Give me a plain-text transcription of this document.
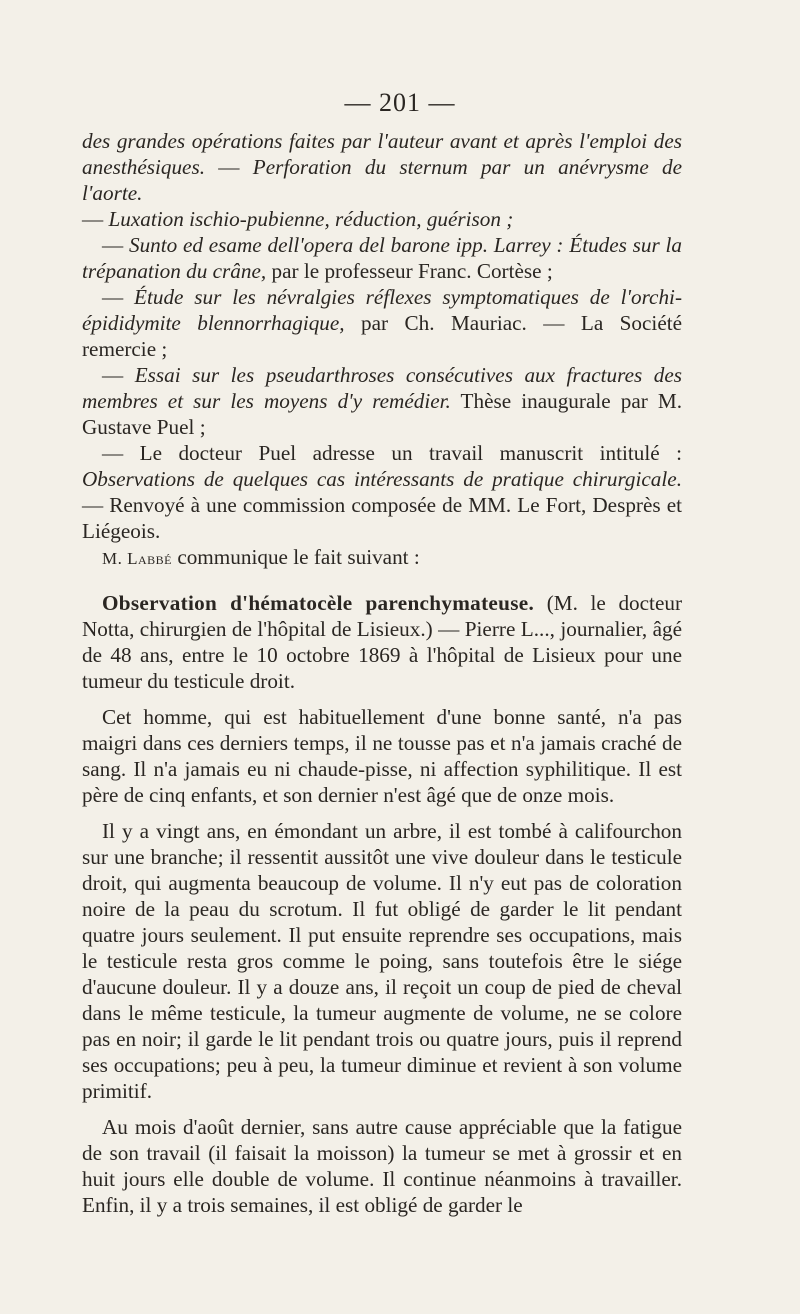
— 201 —

des grandes opérations faites par l'auteur avant et après l'emploi des anesthésiques. — Perforation du sternum par un anévrysme de l'aorte.

— Luxation ischio-pubienne, réduction, guérison ;

— Sunto ed esame dell'opera del barone ipp. Larrey : Études sur la trépanation du crâne, par le professeur Franc. Cortèse ;

— Étude sur les névralgies réflexes symptomatiques de l'orchi-épididymite blennorrhagique, par Ch. Mauriac. — La Société remercie ;

— Essai sur les pseudarthroses consécutives aux fractures des membres et sur les moyens d'y remédier. Thèse inaugurale par M. Gustave Puel ;

— Le docteur Puel adresse un travail manuscrit intitulé : Observations de quelques cas intéressants de pratique chirurgicale. — Renvoyé à une commission composée de MM. Le Fort, Desprès et Liégeois.

M. Labbé communique le fait suivant :

Observation d'hématocèle parenchymateuse. (M. le docteur Notta, chirurgien de l'hôpital de Lisieux.) — Pierre L..., journalier, âgé de 48 ans, entre le 10 octobre 1869 à l'hôpital de Lisieux pour une tumeur du testicule droit.

Cet homme, qui est habituellement d'une bonne santé, n'a pas maigri dans ces derniers temps, il ne tousse pas et n'a jamais craché de sang. Il n'a jamais eu ni chaude-pisse, ni affection syphilitique. Il est père de cinq enfants, et son dernier n'est âgé que de onze mois.

Il y a vingt ans, en émondant un arbre, il est tombé à califourchon sur une branche; il ressentit aussitôt une vive douleur dans le testicule droit, qui augmenta beaucoup de volume. Il n'y eut pas de coloration noire de la peau du scrotum. Il fut obligé de garder le lit pendant quatre jours seulement. Il put ensuite reprendre ses occupations, mais le testicule resta gros comme le poing, sans toutefois être le siége d'aucune douleur. Il y a douze ans, il reçoit un coup de pied de cheval dans le même testicule, la tumeur augmente de volume, ne se colore pas en noir; il garde le lit pendant trois ou quatre jours, puis il reprend ses occupations; peu à peu, la tumeur diminue et revient à son volume primitif.

Au mois d'août dernier, sans autre cause appréciable que la fatigue de son travail (il faisait la moisson) la tumeur se met à grossir et en huit jours elle double de volume. Il continue néanmoins à travailler. Enfin, il y a trois semaines, il est obligé de garder le
